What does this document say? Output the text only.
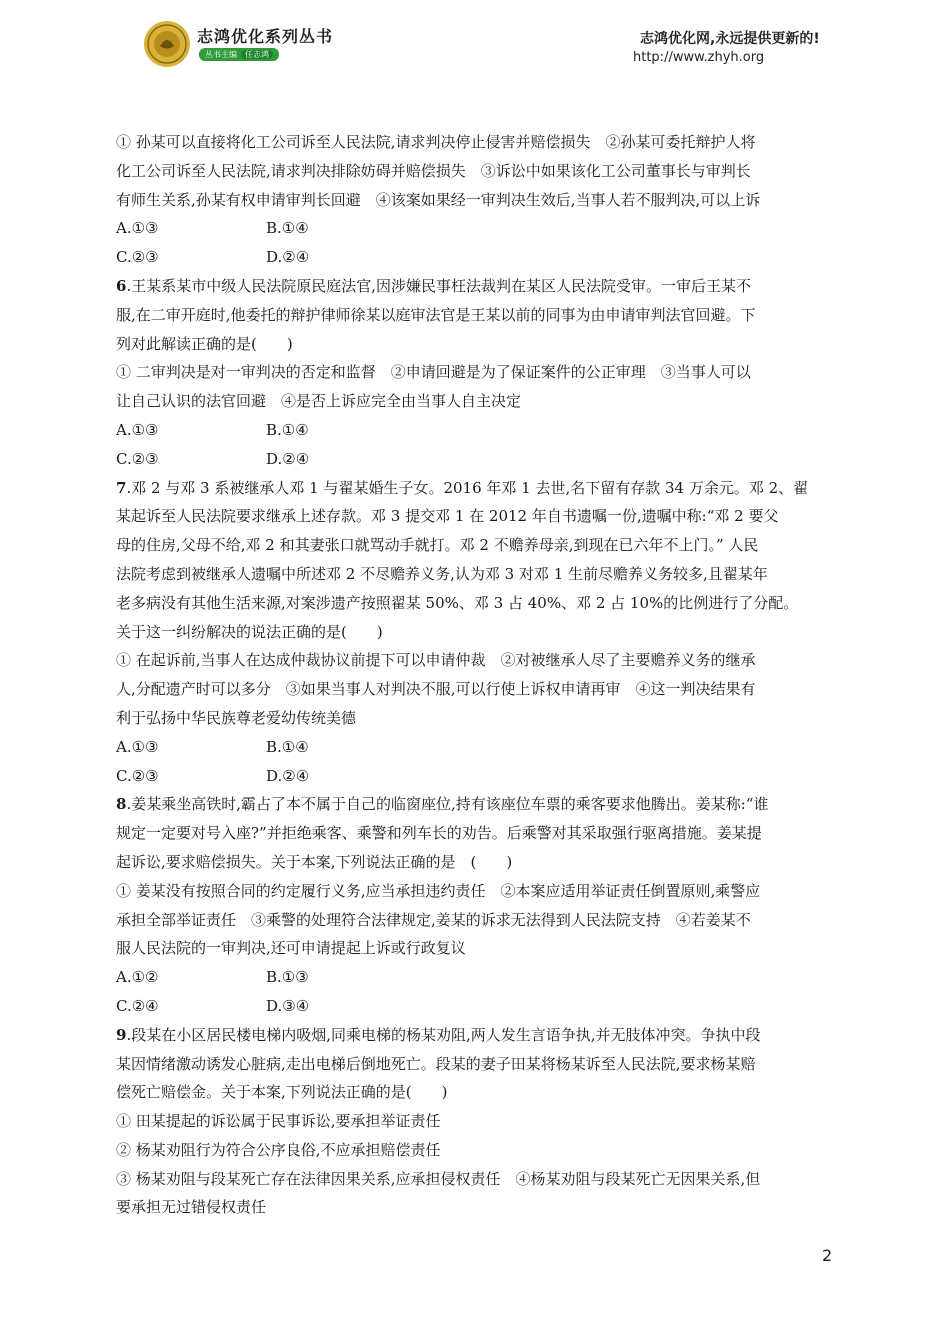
志鸿优化系列丛书
丛书主编 任志鸿
志鸿优化网,永远提供更新的!
http://www.zhyh.org
① 孙某可以直接将化工公司诉至人民法院,请求判决停止侵害并赔偿损失　②孙某可委托辩护人将
化工公司诉至人民法院,请求判决排除妨碍并赔偿损失　③诉讼中如果该化工公司董事长与审判长
有师生关系,孙某有权申请审判长回避　④该案如果经一审判决生效后,当事人若不服判决,可以上诉
A.①③	B.①④
C.②③	D.②④
6.王某系某市中级人民法院原民庭法官,因涉嫌民事枉法裁判在某区人民法院受审。一审后王某不
服,在二审开庭时,他委托的辩护律师徐某以庭审法官是王某以前的同事为由申请审判法官回避。下
列对此解读正确的是(　　)
① 二审判决是对一审判决的否定和监督　②申请回避是为了保证案件的公正审理　③当事人可以
让自己认识的法官回避　④是否上诉应完全由当事人自主决定
A.①③	B.①④
C.②③	D.②④
7.邓 2 与邓 3 系被继承人邓 1 与翟某婚生子女。2016 年邓 1 去世,名下留有存款 34 万余元。邓 2、翟
某起诉至人民法院要求继承上述存款。邓 3 提交邓 1 在 2012 年自书遗嘱一份,遗嘱中称:“邓 2 要父
母的住房,父母不给,邓 2 和其妻张口就骂动手就打。邓 2 不赡养母亲,到现在已六年不上门。” 人民
法院考虑到被继承人遗嘱中所述邓 2 不尽赡养义务,认为邓 3 对邓 1 生前尽赡养义务较多,且翟某年
老多病没有其他生活来源,对案涉遗产按照翟某 50%、邓 3 占 40%、邓 2 占 10%的比例进行了分配。
关于这一纠纷解决的说法正确的是(　　)
① 在起诉前,当事人在达成仲裁协议前提下可以申请仲裁　②对被继承人尽了主要赡养义务的继承
人,分配遗产时可以多分　③如果当事人对判决不服,可以行使上诉权申请再审　④这一判决结果有
利于弘扬中华民族尊老爱幼传统美德
A.①③	B.①④
C.②③	D.②④
8.姜某乘坐高铁时,霸占了本不属于自己的临窗座位,持有该座位车票的乘客要求他腾出。姜某称:“谁
规定一定要对号入座?”并拒绝乘客、乘警和列车长的劝告。后乘警对其采取强行驱离措施。姜某提
起诉讼,要求赔偿损失。关于本案,下列说法正确的是　(　　)
① 姜某没有按照合同的约定履行义务,应当承担违约责任　②本案应适用举证责任倒置原则,乘警应
承担全部举证责任　③乘警的处理符合法律规定,姜某的诉求无法得到人民法院支持　④若姜某不
服人民法院的一审判决,还可申请提起上诉或行政复议
A.①②	B.①③
C.②④	D.③④
9.段某在小区居民楼电梯内吸烟,同乘电梯的杨某劝阻,两人发生言语争执,并无肢体冲突。争执中段
某因情绪激动诱发心脏病,走出电梯后倒地死亡。段某的妻子田某将杨某诉至人民法院,要求杨某赔
偿死亡赔偿金。关于本案,下列说法正确的是(　　)
① 田某提起的诉讼属于民事诉讼,要承担举证责任
② 杨某劝阻行为符合公序良俗,不应承担赔偿责任
③ 杨某劝阻与段某死亡存在法律因果关系,应承担侵权责任　④杨某劝阻与段某死亡无因果关系,但
要承担无过错侵权责任
2
